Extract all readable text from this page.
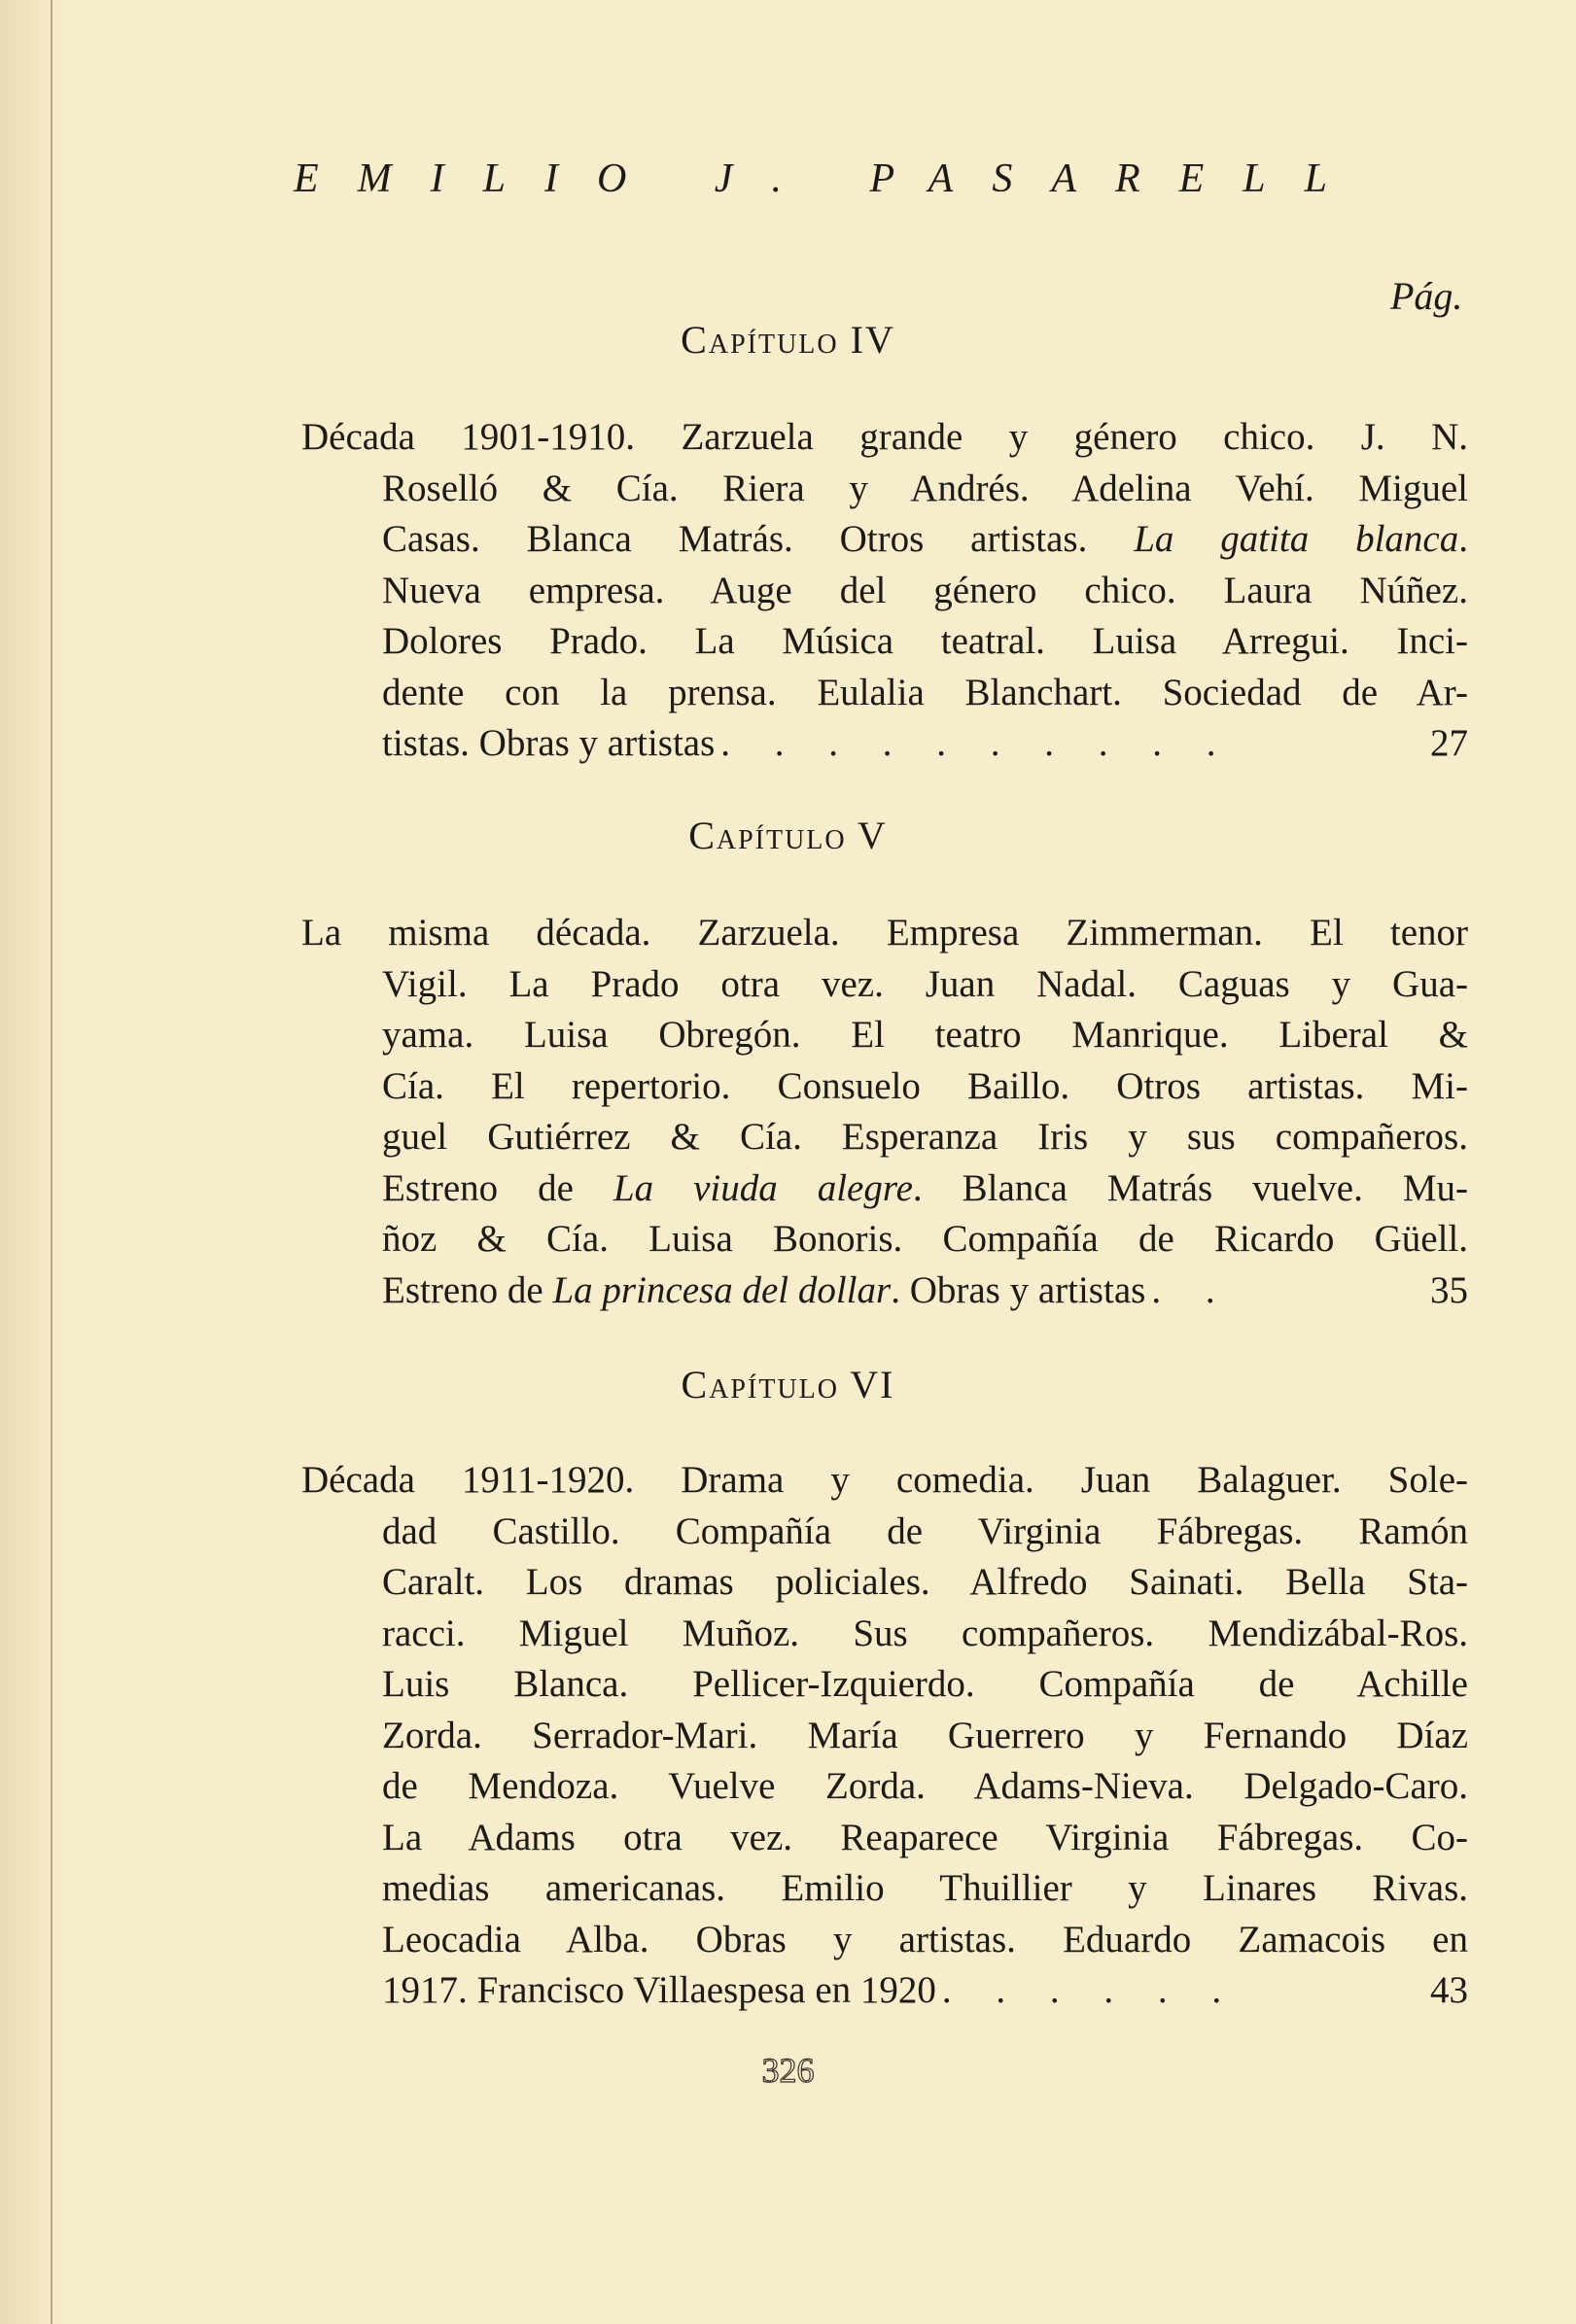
EMILIO J. PASARELL
Pág.
Capítulo IV
Década 1901-1910. Zarzuela grande y género chico. J. N.
Roselló & Cía. Riera y Andrés. Adelina Vehí. Miguel
Casas. Blanca Matrás. Otros artistas. La gatita blanca.
Nueva empresa. Auge del género chico. Laura Núñez.
Dolores Prado. La Música teatral. Luisa Arregui. Inci-
dente con la prensa. Eulalia Blanchart. Sociedad de Ar-
tistas. Obras y artistas . . . . . . . . . .	27
Capítulo V
La misma década. Zarzuela. Empresa Zimmerman. El tenor
Vigil. La Prado otra vez. Juan Nadal. Caguas y Gua-
yama. Luisa Obregón. El teatro Manrique. Liberal &
Cía. El repertorio. Consuelo Baillo. Otros artistas. Mi-
guel Gutiérrez & Cía. Esperanza Iris y sus compañeros.
Estreno de La viuda alegre. Blanca Matrás vuelve. Mu-
ñoz & Cía. Luisa Bonoris. Compañía de Ricardo Güell.
Estreno de La princesa del dollar. Obras y artistas . .	35
Capítulo VI
Década 1911-1920. Drama y comedia. Juan Balaguer. Sole-
dad Castillo. Compañía de Virginia Fábregas. Ramón
Caralt. Los dramas policiales. Alfredo Sainati. Bella Sta-
racci. Miguel Muñoz. Sus compañeros. Mendizábal-Ros.
Luis Blanca. Pellicer-Izquierdo. Compañía de Achille
Zorda. Serrador-Mari. María Guerrero y Fernando Díaz
de Mendoza. Vuelve Zorda. Adams-Nieva. Delgado-Caro.
La Adams otra vez. Reaparece Virginia Fábregas. Co-
medias americanas. Emilio Thuillier y Linares Rivas.
Leocadia Alba. Obras y artistas. Eduardo Zamacois en
1917. Francisco Villaespesa en 1920 . . . . . .	43
326
